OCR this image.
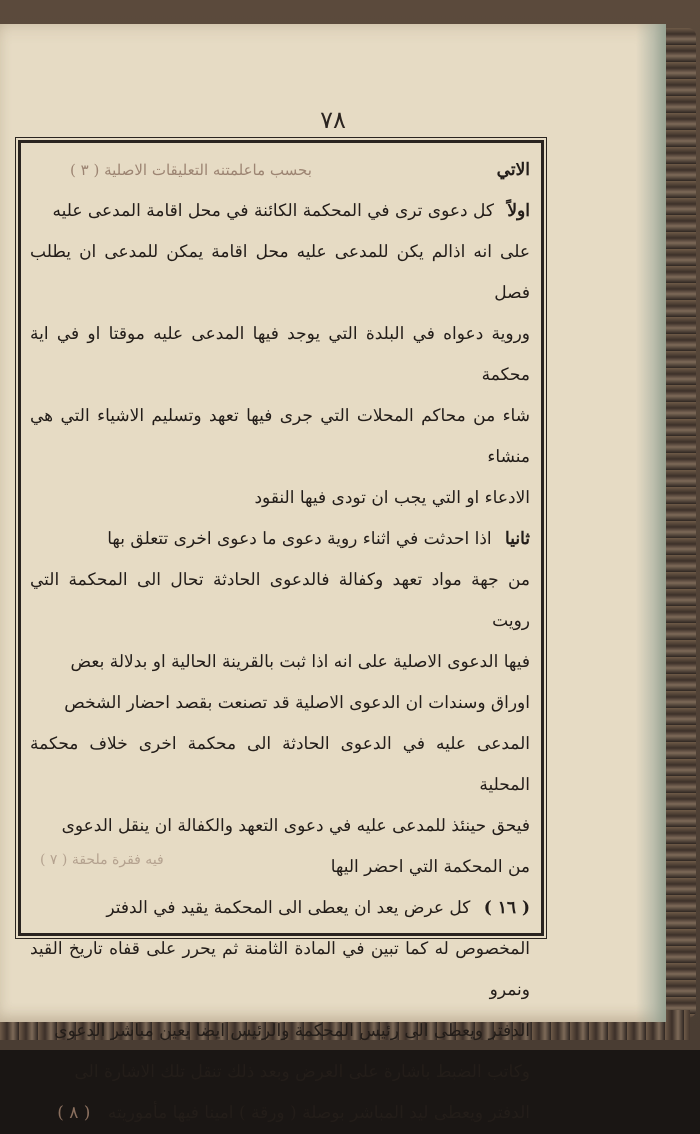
٧٨
الاتي
بحسب ماعلمتنه التعليقات الاصلية ( ٣ )

اولاً كل دعوى ترى في المحكمة الكائنة في محل اقامة المدعى عليه

على انه اذالم يكن للمدعى عليه محل اقامة يمكن للمدعى ان يطلب فصل

وروية دعواه في البلدة التي يوجد فيها المدعى عليه موقتا او في اية محكمة

شاء من محاكم المحلات التي جرى فيها تعهد وتسليم الاشياء التي هي منشاء

الادعاء او التي يجب ان تودى فيها النقود

ثانيا اذا احدثت في اثناء روية دعوى ما دعوى اخرى تتعلق بها

من جهة مواد تعهد وكفالة فالدعوى الحادثة تحال الى المحكمة التي رويت

فيها الدعوى الاصلية على انه اذا ثبت بالقرينة الحالية او بدلالة بعض

اوراق وسندات ان الدعوى الاصلية قد تصنعت بقصد احضار الشخص

المدعى عليه في الدعوى الحادثة الى محكمة اخرى خلاف محكمة المحلية

فيحق حينئذ للمدعى عليه في دعوى التعهد والكفالة ان ينقل الدعوى

من المحكمة التي احضر اليها

فيه فقرة ملحقة ( ٧ )

( ١٦ ) كل عرض يعد ان يعطى الى المحكمة يقيد في الدفتر

المخصوص له كما تبين في المادة الثامنة ثم يحرر على قفاه تاريخ القيد ونمرو

الدفتر ويعطى الى رئيس المحكمة والرئيس ايضا يعين مباشر الدعوى

وكاتب الضبط باشارة على العرض وبعد ذلك تنقل تلك الاشارة الى

الدفتر ويعطى ليد المباشر بوصلة ( ورقة ) امينا فيها مأموريته ( ٨ )
